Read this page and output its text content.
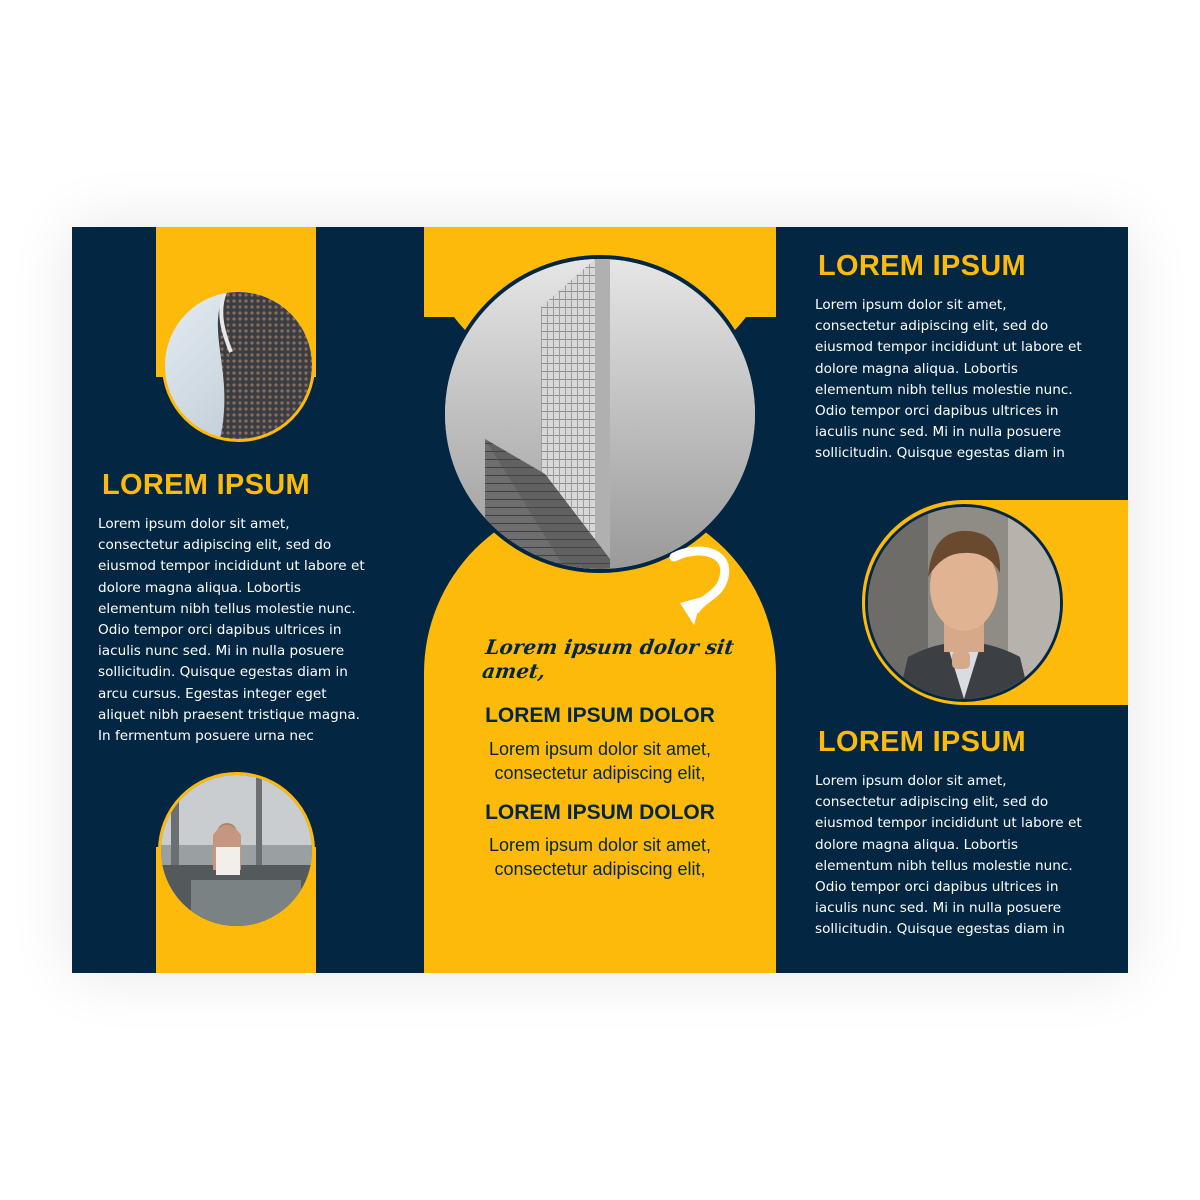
LOREM IPSUM
Lorem ipsum dolor sit amet,
consectetur adipiscing elit, sed do
eiusmod tempor incididunt ut labore et
dolore magna aliqua. Lobortis
elementum nibh tellus molestie nunc.
Odio tempor orci dapibus ultrices in
iaculis nunc sed. Mi in nulla posuere
sollicitudin. Quisque egestas diam in
arcu cursus. Egestas integer eget
aliquet nibh praesent tristique magna.
In fermentum posuere urna nec
Lorem ipsum dolor sit amet,
LOREM IPSUM DOLOR
Lorem ipsum dolor sit amet,
consectetur adipiscing elit,
LOREM IPSUM DOLOR
Lorem ipsum dolor sit amet,
consectetur adipiscing elit,
LOREM IPSUM
Lorem ipsum dolor sit amet,
consectetur adipiscing elit, sed do
eiusmod tempor incididunt ut labore et
dolore magna aliqua. Lobortis
elementum nibh tellus molestie nunc.
Odio tempor orci dapibus ultrices in
iaculis nunc sed. Mi in nulla posuere
sollicitudin. Quisque egestas diam in
LOREM IPSUM
Lorem ipsum dolor sit amet,
consectetur adipiscing elit, sed do
eiusmod tempor incididunt ut labore et
dolore magna aliqua. Lobortis
elementum nibh tellus molestie nunc.
Odio tempor orci dapibus ultrices in
iaculis nunc sed. Mi in nulla posuere
sollicitudin. Quisque egestas diam in
